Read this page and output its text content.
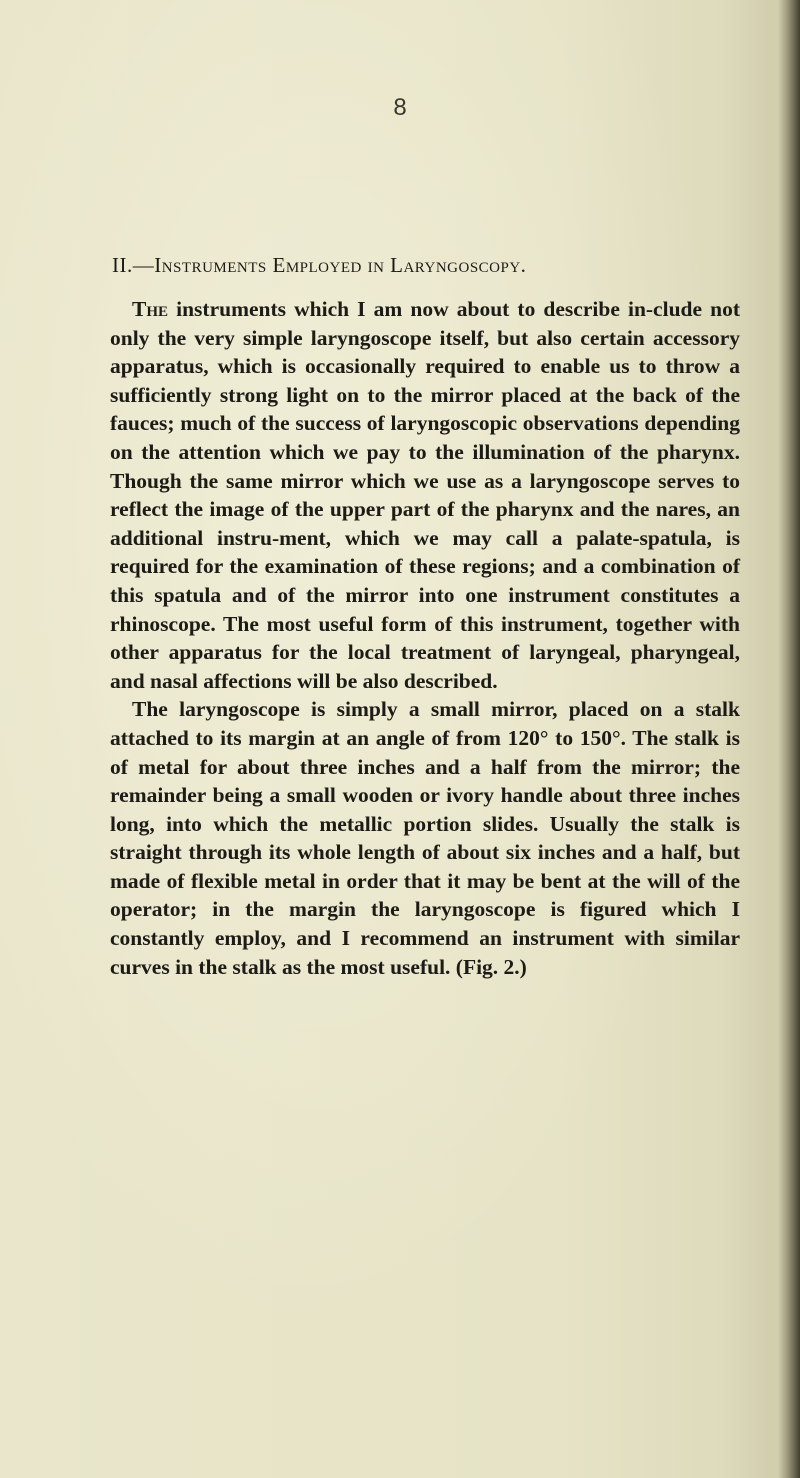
8
II.—Instruments Employed in Laryngoscopy.

The instruments which I am now about to describe in-clude not only the very simple laryngoscope itself, but also certain accessory apparatus, which is occasionally required to enable us to throw a sufficiently strong light on to the mirror placed at the back of the fauces; much of the success of laryngoscopic observations depending on the attention which we pay to the illumination of the pharynx. Though the same mirror which we use as a laryngoscope serves to reflect the image of the upper part of the pharynx and the nares, an additional instru-ment, which we may call a palate-spatula, is required for the examination of these regions; and a combination of this spatula and of the mirror into one instrument constitutes a rhinoscope. The most useful form of this instrument, together with other apparatus for the local treatment of laryngeal, pharyngeal, and nasal affections will be also described.

The laryngoscope is simply a small mirror, placed on a stalk attached to its margin at an angle of from 120° to 150°. The stalk is of metal for about three inches and a half from the mirror; the remainder being a small wooden or ivory handle about three inches long, into which the metallic portion slides. Usually the stalk is straight through its whole length of about six inches and a half, but made of flexible metal in order that it may be bent at the will of the operator; in the margin the laryngoscope is figured which I constantly employ, and I recommend an instrument with similar curves in the stalk as the most useful. (Fig. 2.)
